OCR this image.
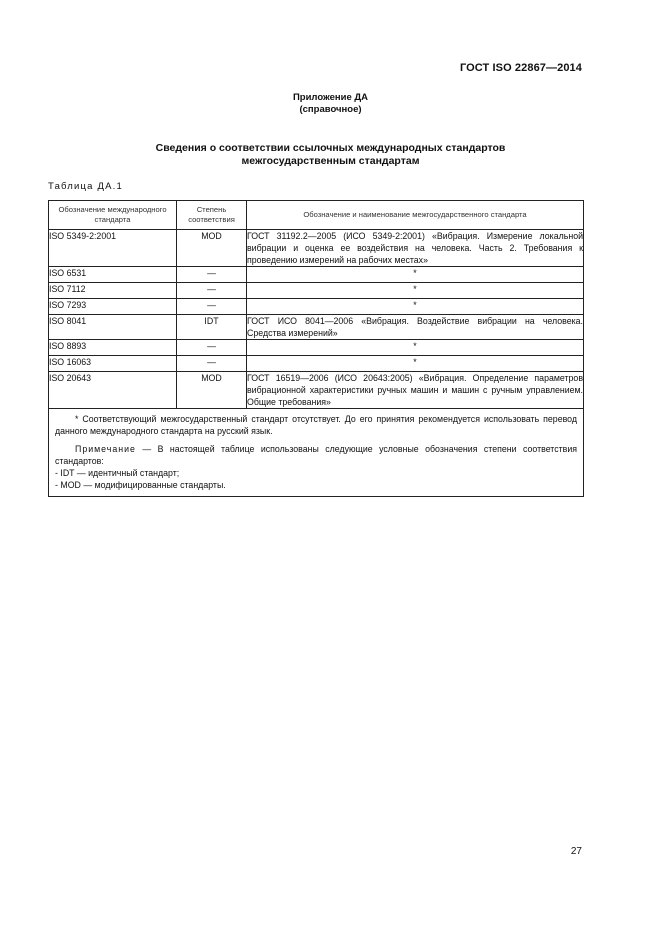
ГОСТ ISO 22867—2014
Приложение ДА
(справочное)
Сведения о соответствии ссылочных международных стандартов
межгосударственным стандартам
Таблица ДА.1
Обозначение международного стандарта	Степень соответствия	Обозначение и наименование межгосударственного стандарта
ISO 5349-2:2001	MOD	ГОСТ 31192.2—2005 (ИСО 5349-2:2001) «Вибрация. Измерение локальной вибрации и оценка ее воздействия на человека. Часть 2. Требования к проведению измерений на рабочих местах»
ISO 6531	—	*
ISO 7112	—	*
ISO 7293	—	*
ISO 8041	IDT	ГОСТ ИСО 8041—2006 «Вибрация. Воздействие вибрации на человека. Средства измерений»
ISO 8893	—	*
ISO 16063	—	*
ISO 20643	MOD	ГОСТ 16519—2006 (ИСО 20643:2005) «Вибрация. Определение параметров вибрационной характеристики ручных машин и машин с ручным управлением. Общие требования»

* Соответствующий межгосударственный стандарт отсутствует. До его принятия рекомендуется использовать перевод данного международного стандарта на русский язык.

Примечание — В настоящей таблице использованы следующие условные обозначения степени соответствия стандартов:

- IDT — идентичный стандарт;

- MOD — модифицированные стандарты.		

27
